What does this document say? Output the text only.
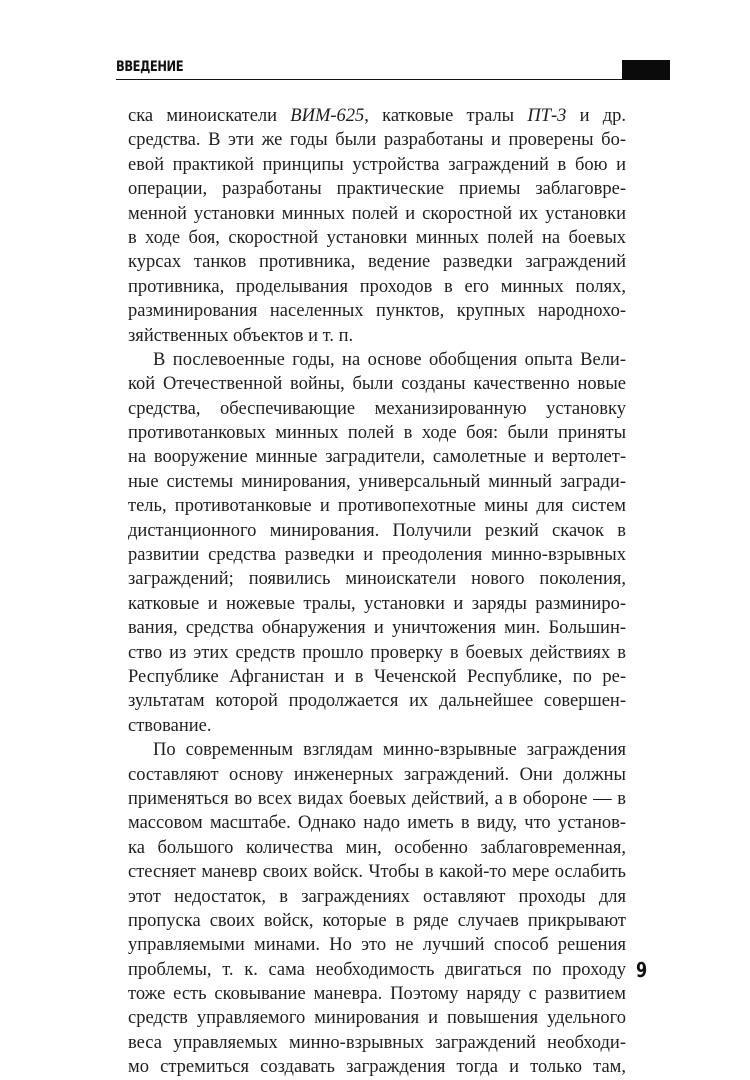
ВВЕДЕНИЕ
ска миноискатели ВИМ-625, катковые тралы ПТ-3 и др.
средства. В эти же годы были разработаны и проверены бо-
евой практикой принципы устройства заграждений в бою и
операции, разработаны практические приемы заблаговре-
менной установки минных полей и скоростной их установки
в ходе боя, скоростной установки минных полей на боевых
курсах танков противника, ведение разведки заграждений
противника, проделывания проходов в его минных полях,
разминирования населенных пунктов, крупных народнохо-
зяйственных объектов и т. п.
В послевоенные годы, на основе обобщения опыта Вели-
кой Отечественной войны, были созданы качественно новые
средства, обеспечивающие механизированную установку
противотанковых минных полей в ходе боя: были приняты
на вооружение минные заградители, самолетные и вертолет-
ные системы минирования, универсальный минный загради-
тель, противотанковые и противопехотные мины для систем
дистанционного минирования. Получили резкий скачок в
развитии средства разведки и преодоления минно-взрывных
заграждений; появились миноискатели нового поколения,
катковые и ножевые тралы, установки и заряды разминиро-
вания, средства обнаружения и уничтожения мин. Большин-
ство из этих средств прошло проверку в боевых действиях в
Республике Афганистан и в Чеченской Республике, по ре-
зультатам которой продолжается их дальнейшее совершен-
ствование.
По современным взглядам минно-взрывные заграждения
составляют основу инженерных заграждений. Они должны
применяться во всех видах боевых действий, а в обороне — в
массовом масштабе. Однако надо иметь в виду, что установ-
ка большого количества мин, особенно заблаговременная,
стесняет маневр своих войск. Чтобы в какой-то мере ослабить
этот недостаток, в заграждениях оставляют проходы для
пропуска своих войск, которые в ряде случаев прикрывают
управляемыми минами. Но это не лучший способ решения
проблемы, т. к. сама необходимость двигаться по проходу
тоже есть сковывание маневра. Поэтому наряду с развитием
средств управляемого минирования и повышения удельного
веса управляемых минно-взрывных заграждений необходи-
мо стремиться создавать заграждения тогда и только там,
9
